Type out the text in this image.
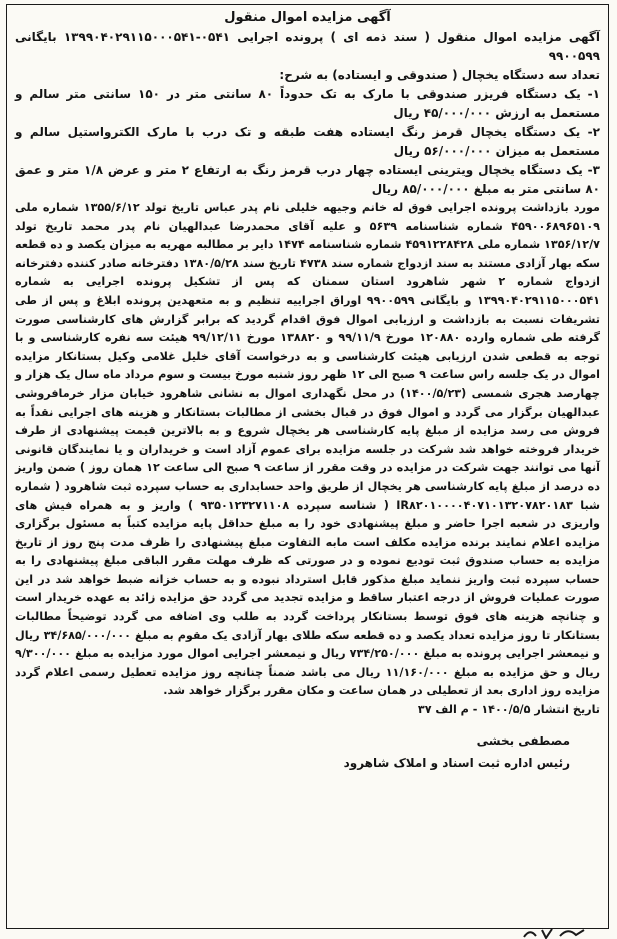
آگهی مزایده اموال منقول

آگهی مزایده اموال منقول ( سند ذمه ای ) پرونده اجرایی ۰۵۴۱-۱۳۹۹۰۴۰۲۹۱۱۵۰۰۰۵۴۱ بایگانی ۹۹۰۰۵۹۹

تعداد سه دستگاه یخچال ( صندوقی و ایستاده) به شرح:

۱- یک دستگاه فریزر صندوقی با مارک به تک حدوداً ۸۰ سانتی متر در ۱۵۰ سانتی متر سالم و مستعمل به ارزش ۴۵/۰۰۰/۰۰۰ ریال

۲- یک دستگاه یخچال قرمز رنگ ایستاده هفت طبقه و تک درب با مارک الکترواستیل سالم و مستعمل به میزان ۵۶/۰۰۰/۰۰۰ ریال

۳- یک دستگاه یخچال ویترینی ایستاده چهار درب قرمز رنگ به ارتفاع ۲ متر و عرض ۱/۸ متر و عمق ۸۰ سانتی متر به مبلغ ۸۵/۰۰۰/۰۰۰ ریال

مورد بازداشت پرونده اجرایی فوق له خانم وجیهه خلیلی نام پدر عباس تاریخ تولد ۱۳۵۵/۶/۱۲ شماره ملی ۴۵۹۰۰۶۸۹۶۵۱۰۹ شماره شناسنامه ۵۶۳۹ و علیه آقای محمدرضا عبدالهیان نام پدر محمد تاریخ تولد ۱۳۵۶/۱۲/۷ شماره ملی ۴۵۹۱۲۲۸۴۲۸ شماره شناسنامه ۱۴۷۴ دایر بر مطالبه مهریه به میزان یکصد و ده قطعه سکه بهار آزادی مستند به سند ازدواج شماره سند ۴۷۳۸ تاریخ سند ۱۳۸۰/۵/۲۸ دفترخانه صادر کننده دفترخانه ازدواج شماره ۲ شهر شاهرود استان سمنان که پس از تشکیل پرونده اجرایی به شماره ۱۳۹۹۰۴۰۲۹۱۱۵۰۰۰۵۴۱ و بایگانی ۹۹۰۰۵۹۹ اوراق اجراییه تنظیم و به متعهدین پرونده ابلاغ و پس از طی تشریفات نسبت به بازداشت و ارزیابی اموال فوق اقدام گردید که برابر گزارش های کارشناسی صورت گرفته طی شماره وارده ۱۲۰۸۸۰ مورخ ۹۹/۱۱/۹ و ۱۳۸۸۲۰ مورخ ۹۹/۱۲/۱۱ هیئت سه نفره کارشناسی و با توجه به قطعی شدن ارزیابی هیئت کارشناسی و به درخواست آقای خلیل غلامی وکیل بستانکار مزایده اموال در یک جلسه راس ساعت ۹ صبح الی ۱۲ ظهر روز شنبه مورخ بیست و سوم مرداد ماه سال یک هزار و چهارصد هجری شمسی (۱۴۰۰/۵/۲۳) در محل نگهداری اموال به نشانی شاهرود خیابان مزار خرمافروشی عبدالهیان برگزار می گردد و اموال فوق در قبال بخشی از مطالبات بستانکار و هزینه های اجرایی نقداً به فروش می رسد مزایده از مبلغ پایه کارشناسی هر یخچال شروع و به بالاترین قیمت پیشنهادی از طرف خریدار فروخته خواهد شد شرکت در جلسه مزایده برای عموم آزاد است و خریداران و یا نمایندگان قانونی آنها می توانند جهت شرکت در مزایده در وقت مقرر از ساعت ۹ صبح الی ساعت ۱۲ همان روز ) ضمن واریز ده درصد از مبلغ پایه کارشناسی هر یخچال از طریق واحد حسابداری به حساب سپرده ثبت شاهرود ( شماره شبا IR۸۲۰۱۰۰۰۰۴۰۷۱۰۱۳۲۰۷۸۲۰۱۸۳ ( شناسه سپرده ۹۳۵۰۱۲۳۲۷۱۱۰۸ ) واریز و به همراه فیش های واریزی در شعبه اجرا حاضر و مبلغ پیشنهادی خود را به مبلغ حداقل پایه مزایده کتباً به مسئول برگزاری مزایده اعلام نمایند برنده مزایده مکلف است مابه التفاوت مبلغ پیشنهادی را ظرف مدت پنج روز از تاریخ مزایده به حساب صندوق ثبت تودیع نموده و در صورتی که ظرف مهلت مقرر الباقی مبلغ پیشنهادی را به حساب سپرده ثبت واریز ننماید مبلغ مذکور قابل استرداد نبوده و به حساب خزانه ضبط خواهد شد در این صورت عملیات فروش از درجه اعتبار ساقط و مزایده تجدید می گردد حق مزایده زائد به عهده خریدار است و چنانچه هزینه های فوق توسط بستانکار پرداخت گردد به طلب وی اضافه می گردد توضیحاً مطالبات بستانکار تا روز مزایده تعداد یکصد و ده قطعه سکه طلای بهار آزادی یک مقوم به مبلغ ۳۴/۶۸۵/۰۰۰/۰۰۰ ریال و نیمعشر اجرایی پرونده به مبلغ ۷۳۴/۲۵۰/۰۰۰ ریال و نیمعشر اجرایی اموال مورد مزایده به مبلغ ۹/۳۰۰/۰۰۰ ریال و حق مزایده به مبلغ ۱۱/۱۶۰/۰۰۰ ریال می باشد ضمناً چنانچه روز مزایده تعطیل رسمی اعلام گردد مزایده روز اداری بعد از تعطیلی در همان ساعت و مکان مقرر برگزار خواهد شد.

تاریخ انتشار ۱۴۰۰/۵/۵ - م الف ۳۷

مصطفی بخشی
رئیس اداره ثبت اسناد و املاک شاهرود
